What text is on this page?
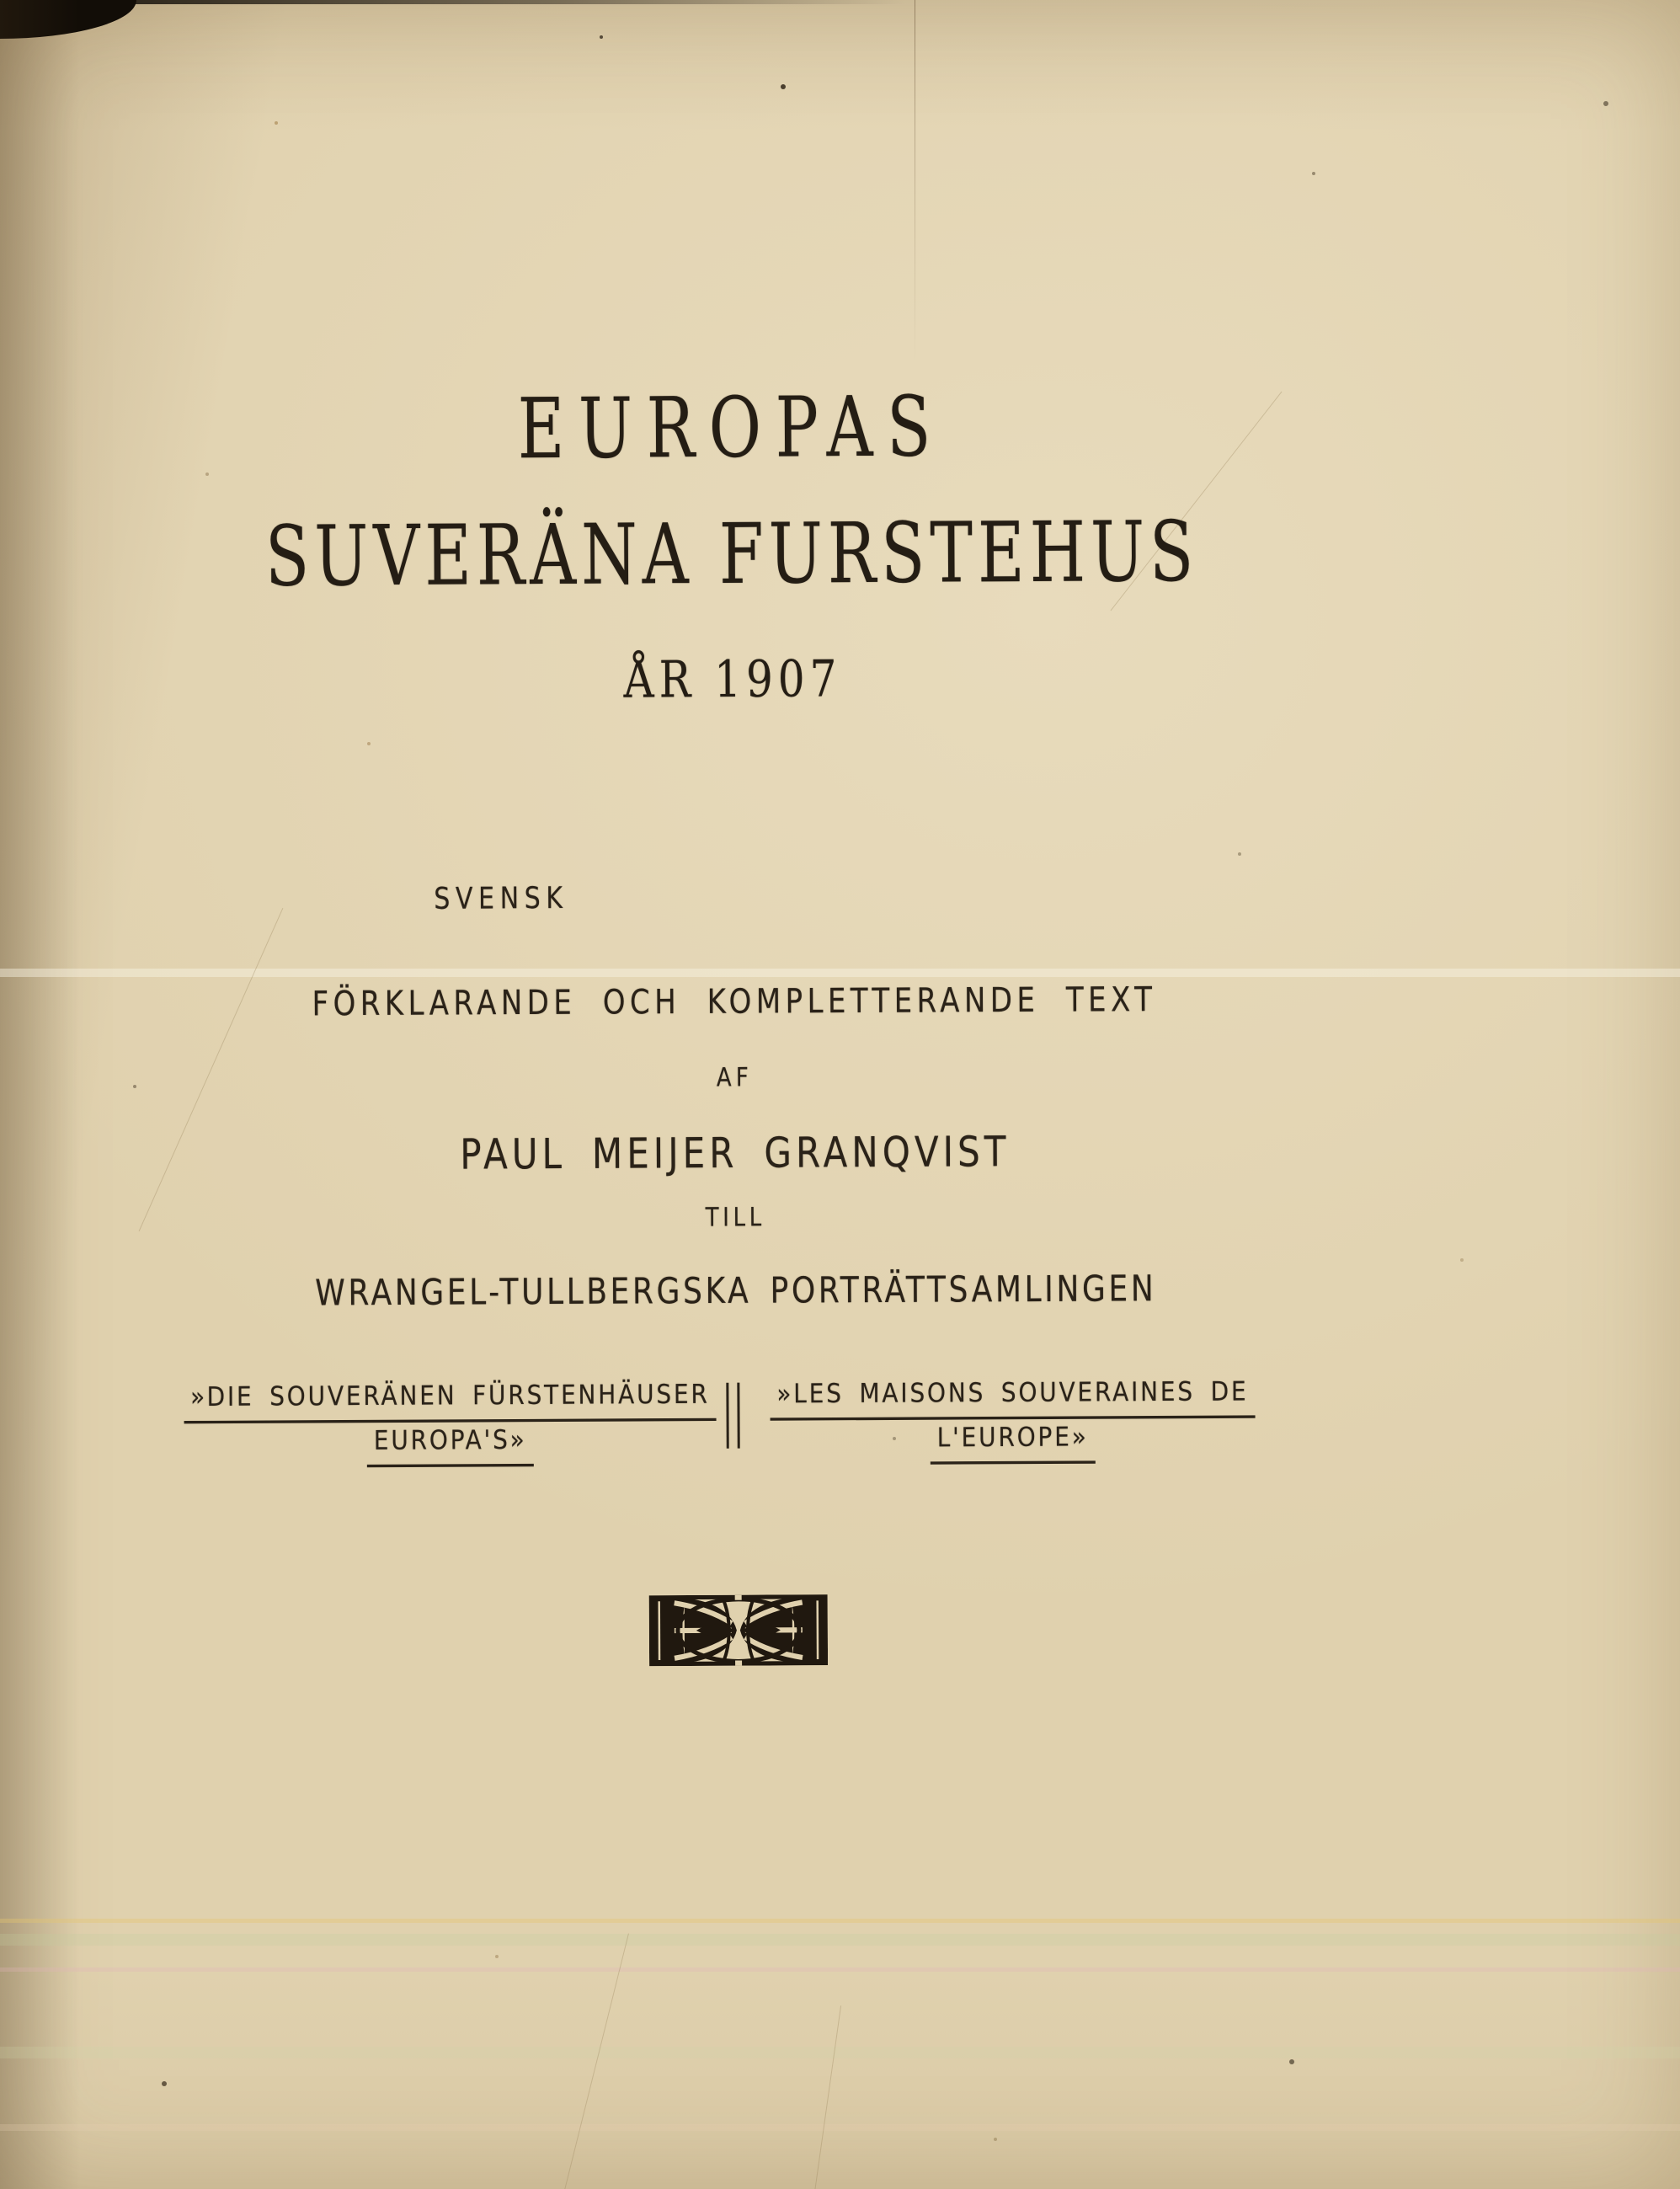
EUROPAS
SUVERÄNA FURSTEHUS
ÅR 1907
SVENSK
FÖRKLARANDE OCH KOMPLETTERANDE TEXT
AF
PAUL MEIJER GRANQVIST
TILL
WRANGEL-TULLBERGSKA PORTRÄTTSAMLINGEN
»DIE SOUVERÄNEN FÜRSTENHÄUSER
EUROPA'S»
»LES MAISONS SOUVERAINES DE
L'EUROPE»
